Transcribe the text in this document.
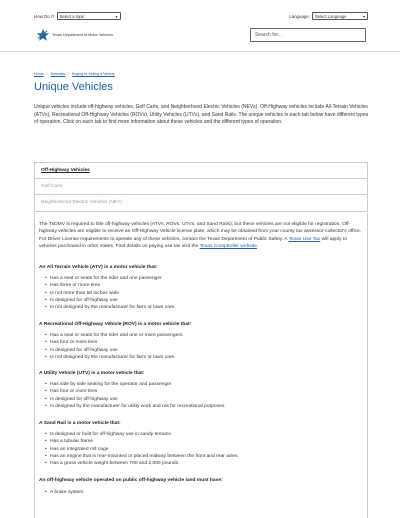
How Do I? Select a topic	▾	Language: Select Language	▾
Texas Department of Motor Vehicles	Search for...
Home / Motorists / Buying or Selling a Vehicle
Unique Vehicles

Unique vehicles include off-highway vehicles, Golf Carts, and Neighborhood Electric Vehicles (NEVs). Off-Highway vehicles include All-Terrain Vehicles (ATVs), Recreational Off-Highway Vehicles (ROVs), Utility Vehicles (UTVs), and Sand Rails. The unique vehicles in each tab below have different types of operation. Click on each tab to find more information about these vehicles and the different types of operation.

Off-Highway Vehicles
Golf Carts
Neighborhood Electric Vehicles (NEV)

The TxDMV is required to title off-highway vehicles (ATVs, ROVs, UTVs, and Sand Rails), but these vehicles are not eligible for registration. Off-highway vehicles are eligible to receive an Off-Highway Vehicle license plate, which may be obtained from your county tax assessor-collector's office. For Driver License requirements to operate any of these vehicles, contact the Texas Department of Public Safety. A Texas Use Tax will apply to vehicles purchased in other states. Find details on paying use tax visit the Texas Comptroller website.

An All Terrain Vehicle (ATV) is a motor vehicle that:
• Has a seat or seats for the rider and one passenger
• Has three or more tires
• Is not more than 50 inches wide
• Is designed for off-highway use
• Is not designed by the manufacturer for farm or lawn care.
A Recreational Off-Highway Vehicle (ROV) is a motor vehicle that:
• Has a seat or seats for the rider and one or more passengers
• Has four or more tires
• Is designed for off-highway use
• Is not designed by the manufacturer for farm or lawn care.
A Utility Vehicle (UTV) is a motor vehicle that:
• Has side by side seating for the operator and passenger
• Has four or more tires
• Is designed for off-highway use
• Is designed by the manufacturer for utility work and not for recreational purposes.
A Sand Rail is a motor vehicle that:
• Is designed or built for off-highway use in sandy terrains
• Has a tubular frame
• Has an integrated roll cage
• Has an engine that is rear-mounted or placed midway between the front and rear axles
• Has a gross vehicle weight between 700 and 2,000 pounds.
An off-highway vehicle operated on public off-highway vehicle land must have:
• A brake system
